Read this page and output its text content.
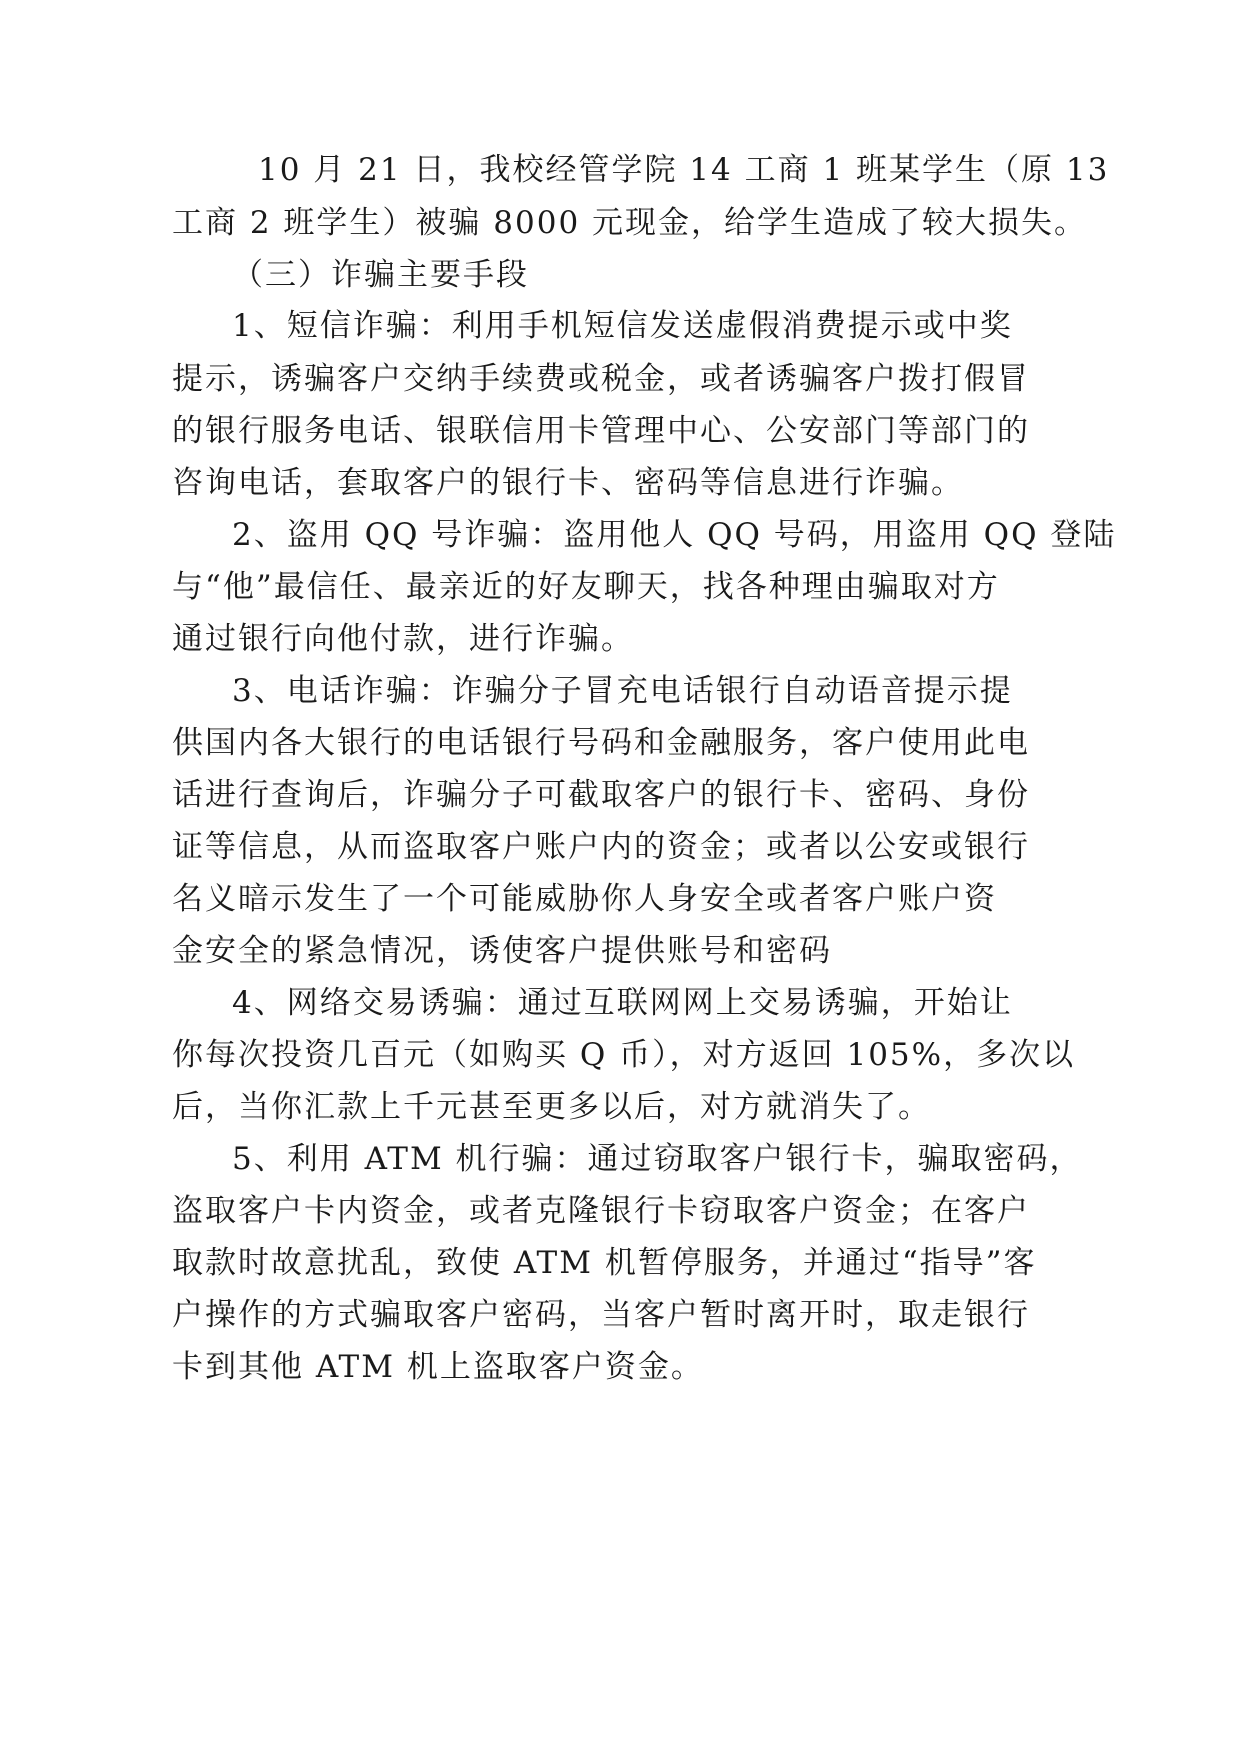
10 月 21 日，我校经管学院 14 工商 1 班某学生（原 13
工商 2 班学生）被骗 8000 元现金，给学生造成了较大损失。
（三）诈骗主要手段
1、短信诈骗：利用手机短信发送虚假消费提示或中奖
提示，诱骗客户交纳手续费或税金，或者诱骗客户拨打假冒
的银行服务电话、银联信用卡管理中心、公安部门等部门的
咨询电话，套取客户的银行卡、密码等信息进行诈骗。
2、盗用 QQ 号诈骗：盗用他人 QQ 号码，用盗用 QQ 登陆
与“他”最信任、最亲近的好友聊天，找各种理由骗取对方
通过银行向他付款，进行诈骗。
3、电话诈骗：诈骗分子冒充电话银行自动语音提示提
供国内各大银行的电话银行号码和金融服务，客户使用此电
话进行查询后，诈骗分子可截取客户的银行卡、密码、身份
证等信息，从而盗取客户账户内的资金；或者以公安或银行
名义暗示发生了一个可能威胁你人身安全或者客户账户资
金安全的紧急情况，诱使客户提供账号和密码
4、网络交易诱骗：通过互联网网上交易诱骗，开始让
你每次投资几百元（如购买 Q 币），对方返回 105%，多次以
后，当你汇款上千元甚至更多以后，对方就消失了。
5、利用 ATM 机行骗：通过窃取客户银行卡，骗取密码，
盗取客户卡内资金，或者克隆银行卡窃取客户资金；在客户
取款时故意扰乱，致使 ATM 机暂停服务，并通过“指导”客
户操作的方式骗取客户密码，当客户暂时离开时，取走银行
卡到其他 ATM 机上盗取客户资金。
